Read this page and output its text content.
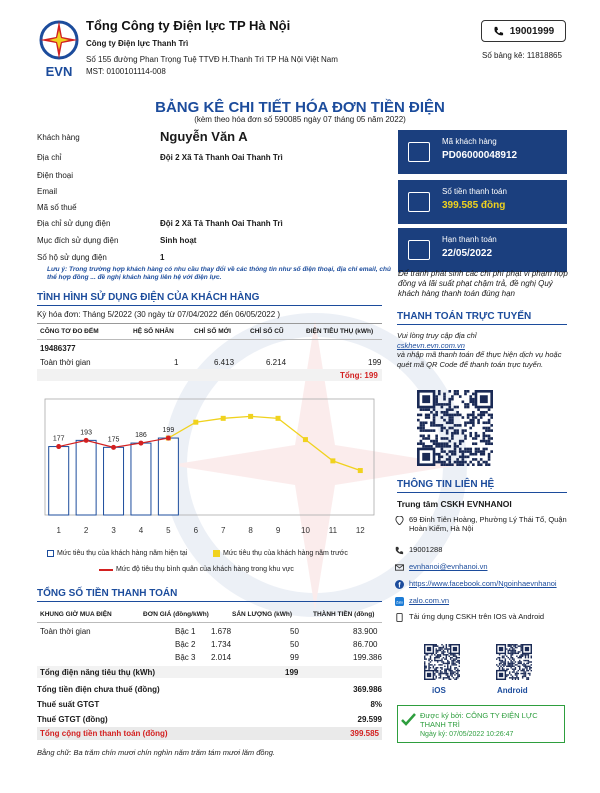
EVN
Tổng Công ty Điện lực TP Hà Nội
Công ty Điện lực Thanh Trì
Số 155 đường Phan Trọng Tuệ TTVĐ H.Thanh Trì TP Hà Nội Việt Nam
MST: 0100101114-008
19001999
Số bảng kê: 11818865
BẢNG KÊ CHI TIẾT HÓA ĐƠN TIỀN ĐIỆN
(kèm theo hóa đơn số 590085 ngày 07 tháng 05 năm 2022)
Khách hàng	Nguyễn Văn A
Địa chỉ	Đội 2 Xã Tả Thanh Oai Thanh Trì
Điện thoại
Email
Mã số thuế
Địa chỉ sử dụng điện	Đội 2 Xã Tả Thanh Oai Thanh Trì
Mục đích sử dụng điện	Sinh hoạt
Số hộ sử dụng điện	1
Lưu ý: Trong trường hợp khách hàng có nhu cầu thay đổi về các thông tin như số điện thoại, địa chỉ email, chủ thể hợp đồng ... đề nghị khách hàng liên hệ với điện lực.
Mã khách hàng
PD06000048912
Số tiền thanh toán
399.585 đồng
Hạn thanh toán
22/05/2022
Để tránh phát sinh các chi phí phạt vi phạm hợp đồng và lãi suất phạt chậm trả, đề nghị Quý khách hàng thanh toán đúng hạn
TÌNH HÌNH SỬ DỤNG ĐIỆN CỦA KHÁCH HÀNG
Kỳ hóa đơn: Tháng 5/2022 (30 ngày từ 07/04/2022 đến 06/05/2022 )
CÔNG TƠ ĐO ĐẾM	HỆ SỐ NHÂN	CHỈ SỐ MỚI	CHỈ SỐ CŨ	ĐIỆN TIÊU THỤ (kWh)
19486377
Toàn thời gian	1	6.413	6.214	199
Tổng: 199
1	2	3	4	5	6	7	8	9	10 11 12
177
193
175
186
199
Mức tiêu thụ của khách hàng năm hiện tại	Mức tiêu thụ của khách hàng năm trước
Mức độ tiêu thụ bình quân của khách hàng trong khu vực
TỔNG SỐ TIỀN THANH TOÁN
KHUNG GIỜ MUA ĐIỆN	ĐƠN GIÁ (đồng/kWh)	SẢN LƯỢNG (kWh)	THÀNH TIỀN (đồng)
Toàn thời gian	Bậc 1 1.678	50	83.900
Bậc 2 1.734	50	86.700
Bậc 3 2.014	99	199.386
Tổng điện năng tiêu thụ (kWh)	199
Tổng tiền điện chưa thuế (đồng)	369.986
Thuế suất GTGT	8%
Thuế GTGT (đồng)	29.599
Tổng cộng tiền thanh toán (đồng)	399.585
Bằng chữ: Ba trăm chín mươi chín nghìn năm trăm tám mươi lăm đồng.
THANH TOÁN TRỰC TUYẾN
Vui lòng truy cập địa chỉ
cskhevn.evn.com.vn
và nhập mã thanh toán để thực hiện dịch vụ hoặc quét mã QR Code để thanh toán trực tuyến.
THÔNG TIN LIÊN HỆ
Trung tâm CSKH EVNHANOI
69 Đinh Tiên Hoàng, Phường Lý Thái Tổ, Quận Hoàn Kiếm, Hà Nội
19001288
evnhanoi@evnhanoi.vn
f https://www.facebook.com/Ngoinhaevnhanoi
Zalo zalo.com.vn
Tải ứng dụng CSKH trên IOS và Android
iOS	Android
Được ký bởi: CÔNG TY ĐIỆN LỰC THANH TRÌ
Ngày ký: 07/05/2022 10:26:47
